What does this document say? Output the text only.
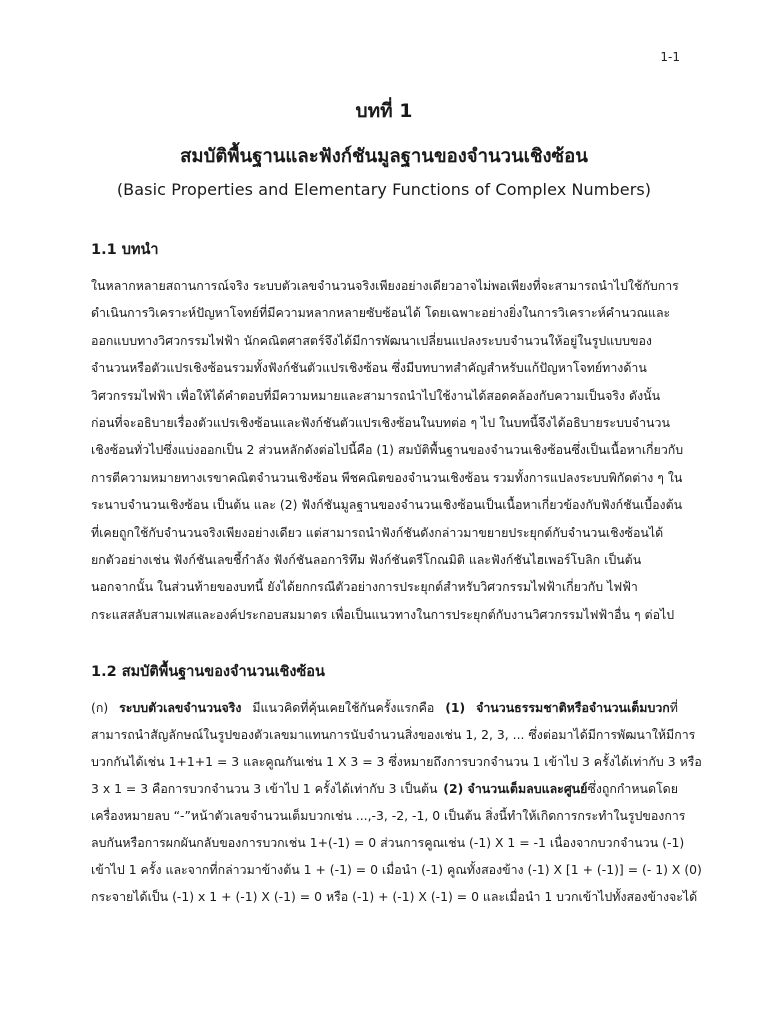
1-1
บทที่ 1
สมบัติพื้นฐานและฟังก์ชันมูลฐานของจำนวนเชิงซ้อน
(Basic Properties and Elementary Functions of Complex Numbers)
1.1 บทนำ
ในหลากหลายสถานการณ์จริง ระบบตัวเลขจำนวนจริงเพียงอย่างเดียวอาจไม่พอเพียงที่จะสามารถนำไปใช้กับการ
ดำเนินการวิเคราะห์ปัญหาโจทย์ที่มีความหลากหลายซับซ้อนได้ โดยเฉพาะอย่างยิ่งในการวิเคราะห์คำนวณและ
ออกแบบทางวิศวกรรมไฟฟ้า นักคณิตศาสตร์จึงได้มีการพัฒนาเปลี่ยนแปลงระบบจำนวนให้อยู่ในรูปแบบของ
จำนวนหรือตัวแปรเชิงซ้อนรวมทั้งฟังก์ชันตัวแปรเชิงซ้อน ซึ่งมีบทบาทสำคัญสำหรับแก้ปัญหาโจทย์ทางด้าน
วิศวกรรมไฟฟ้า เพื่อให้ได้คำตอบที่มีความหมายและสามารถนำไปใช้งานได้สอดคล้องกับความเป็นจริง ดังนั้น
ก่อนที่จะอธิบายเรื่องตัวแปรเชิงซ้อนและฟังก์ชันตัวแปรเชิงซ้อนในบทต่อ ๆ ไป ในบทนี้จึงได้อธิบายระบบจำนวน
เชิงซ้อนทั่วไปซึ่งแบ่งออกเป็น 2 ส่วนหลักดังต่อไปนี้คือ (1) สมบัติพื้นฐานของจำนวนเชิงซ้อนซึ่งเป็นเนื้อหาเกี่ยวกับ
การตีความหมายทางเรขาคณิตจำนวนเชิงซ้อน พีชคณิตของจำนวนเชิงซ้อน รวมทั้งการแปลงระบบพิกัดต่าง ๆ ใน
ระนาบจำนวนเชิงซ้อน เป็นต้น และ (2) ฟังก์ชันมูลฐานของจำนวนเชิงซ้อนเป็นเนื้อหาเกี่ยวข้องกับฟังก์ชันเบื้องต้น
ที่เคยถูกใช้กับจำนวนจริงเพียงอย่างเดียว แต่สามารถนำฟังก์ชันดังกล่าวมาขยายประยุกต์กับจำนวนเชิงซ้อนได้
ยกตัวอย่างเช่น ฟังก์ชันเลขชี้กำลัง ฟังก์ชันลอการิทึม ฟังก์ชันตรีโกณมิติ และฟังก์ชันไฮเพอร์โบลิก เป็นต้น
นอกจากนั้น ในส่วนท้ายของบทนี้ ยังได้ยกกรณีตัวอย่างการประยุกต์สำหรับวิศวกรรมไฟฟ้าเกี่ยวกับ ไฟฟ้า
กระแสสลับสามเฟสและองค์ประกอบสมมาตร เพื่อเป็นแนวทางในการประยุกต์กับงานวิศวกรรมไฟฟ้าอื่น ๆ ต่อไป
1.2 สมบัติพื้นฐานของจำนวนเชิงซ้อน
(ก) ระบบตัวเลขจำนวนจริง มีแนวคิดที่คุ้นเคยใช้กันครั้งแรกคือ (1) จำนวนธรรมชาติหรือจำนวนเต็มบวกที่
สามารถนำสัญลักษณ์ในรูปของตัวเลขมาแทนการนับจำนวนสิ่งของเช่น 1, 2, 3, ... ซึ่งต่อมาได้มีการพัฒนาให้มีการ
บวกกันได้เช่น 1+1+1 = 3 และคูณกันเช่น 1 X 3 = 3 ซึ่งหมายถึงการบวกจำนวน 1 เข้าไป 3 ครั้งได้เท่ากับ 3 หรือ
3 x 1 = 3 คือการบวกจำนวน 3 เข้าไป 1 ครั้งได้เท่ากับ 3 เป็นต้น (2) จำนวนเต็มลบและศูนย์ซึ่งถูกกำหนดโดย
เครื่องหมายลบ “-”หน้าตัวเลขจำนวนเต็มบวกเช่น ...,-3, -2, -1, 0 เป็นต้น สิ่งนี้ทำให้เกิดการกระทำในรูปของการ
ลบกันหรือการผกผันกลับของการบวกเช่น 1+(-1) = 0 ส่วนการคูณเช่น (-1) X 1 = -1 เนื่องจากบวกจำนวน (-1)
เข้าไป 1 ครั้ง และจากที่กล่าวมาข้างต้น 1 + (-1) = 0 เมื่อนำ (-1) คูณทั้งสองข้าง (-1) X [1 + (-1)] = (- 1) X (0)
กระจายได้เป็น (-1) x 1 + (-1) X (-1) = 0 หรือ (-1) + (-1) X (-1) = 0 และเมื่อนำ 1 บวกเข้าไปทั้งสองข้างจะได้
